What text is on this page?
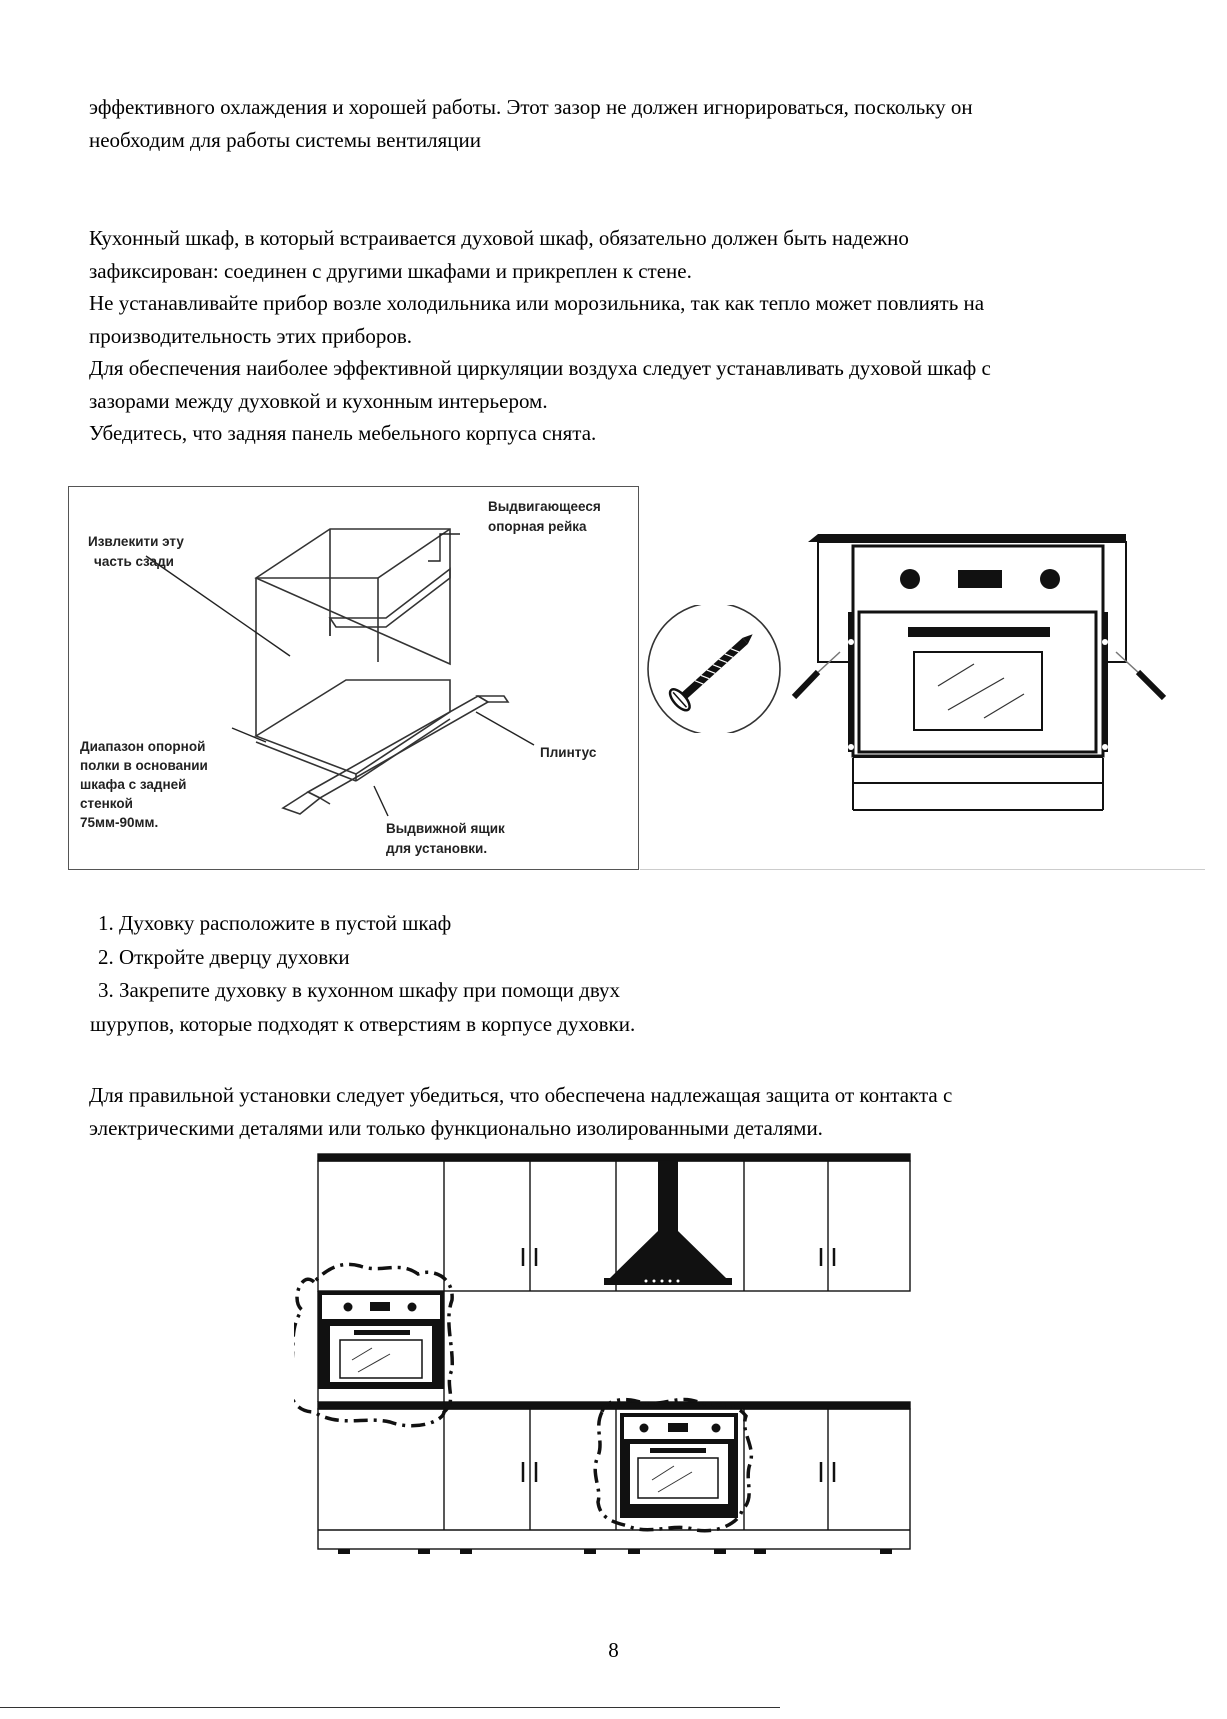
эффективного охлаждения и хорошей работы. Этот зазор не должен игнорироваться, поскольку он
необходим для работы системы вентиляции
Кухонный шкаф, в который встраивается духовой шкаф, обязательно должен быть надежно
зафиксирован: соединен с другими шкафами и прикреплен к стене.
Не устанавливайте прибор возле холодильника или морозильника, так как тепло может повлиять на
производительность этих приборов.
Для обеспечения наиболее эффективной циркуляции воздуха следует устанавливать духовой шкаф с
зазорами между духовкой и кухонным интерьером.
Убедитесь, что задняя панель мебельного корпуса снята.
Извлекити эту
часть сзади
Выдвигающееся
опорная рейка
Диапазон опорной
полки в основании
шкафа с задней
стенкой
75мм-90мм.
Плинтус
Выдвижной ящик
для установки.
1. Духовку расположите в пустой шкаф
2. Откройте дверцу духовки
3. Закрепите духовку в кухонном шкафу при помощи двух
шурупов, которые подходят к отверстиям в корпусе духовки.
Для правильной установки следует убедиться, что обеспечена надлежащая защита от контакта с
электрическими деталями или только функционально изолированными деталями.
8
